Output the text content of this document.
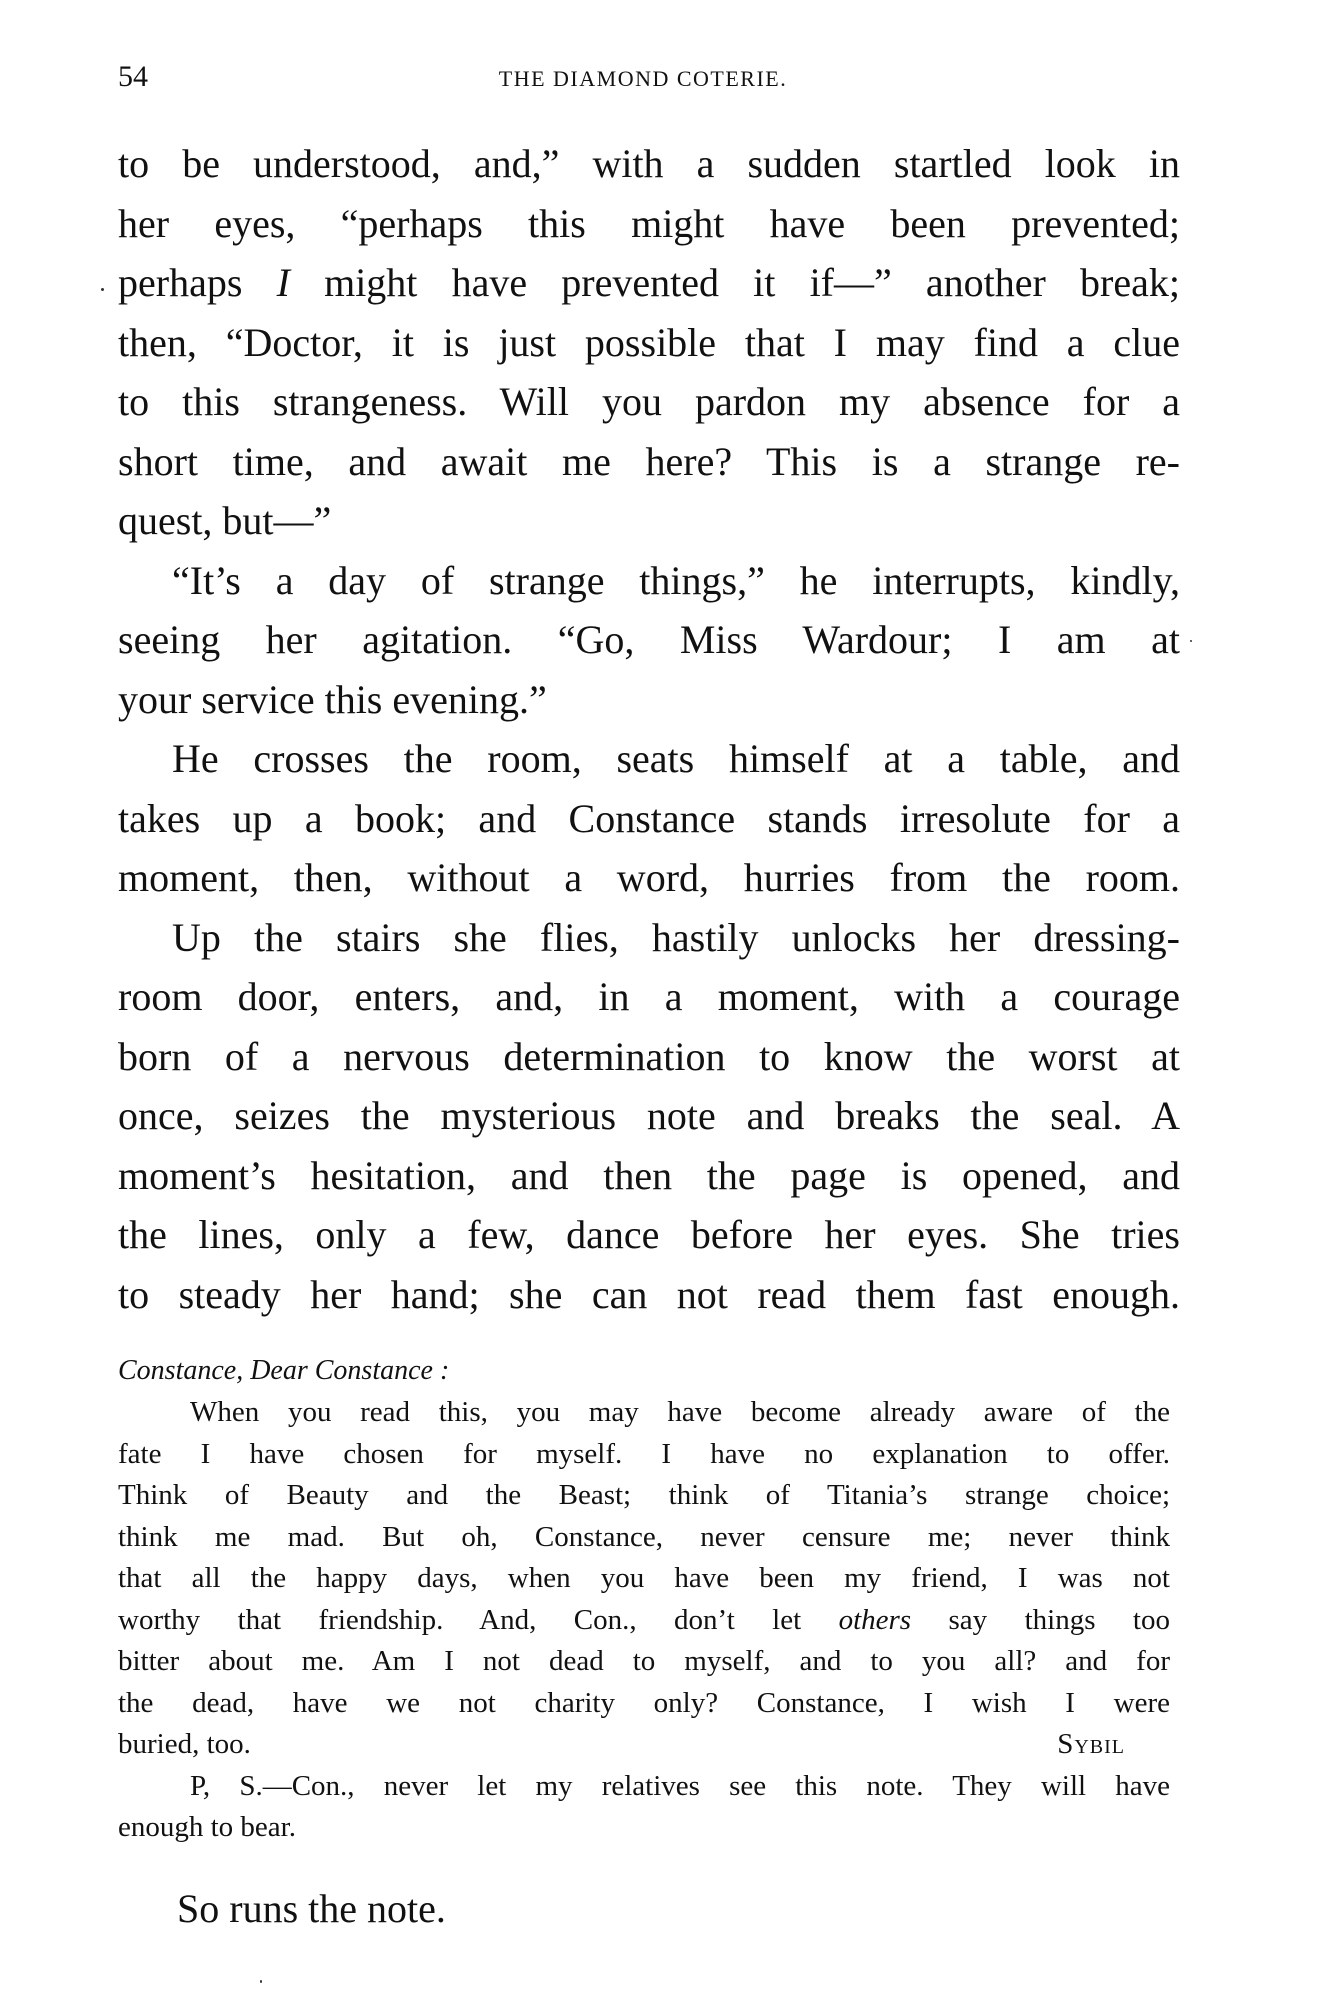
54	THE DIAMOND COTERIE.
to be understood, and,” with a sudden startled look in
her eyes, “perhaps this might have been prevented;
perhaps I might have prevented it if—” another break;
then, “Doctor, it is just possible that I may find a clue
to this strangeness. Will you pardon my absence for a
short time, and await me here? This is a strange re-
quest, but—”
“It’s a day of strange things,” he interrupts, kindly,
seeing her agitation. “Go, Miss Wardour; I am at
your service this evening.”
He crosses the room, seats himself at a table, and
takes up a book; and Constance stands irresolute for a
moment, then, without a word, hurries from the room.
Up the stairs she flies, hastily unlocks her dressing-
room door, enters, and, in a moment, with a courage
born of a nervous determination to know the worst at
once, seizes the mysterious note and breaks the seal. A
moment’s hesitation, and then the page is opened, and
the lines, only a few, dance before her eyes. She tries
to steady her hand; she can not read them fast enough.
Constance, Dear Constance :
When you read this, you may have become already aware of the
fate I have chosen for myself. I have no explanation to offer.
Think of Beauty and the Beast; think of Titania’s strange choice;
think me mad. But oh, Constance, never censure me; never think
that all the happy days, when you have been my friend, I was not
worthy that friendship. And, Con., don’t let others say things too
bitter about me. Am I not dead to myself, and to you all? and for
the dead, have we not charity only? Constance, I wish I were
buried, too.	Sybil
P, S.—Con., never let my relatives see this note. They will have
enough to bear.
So runs the note.
